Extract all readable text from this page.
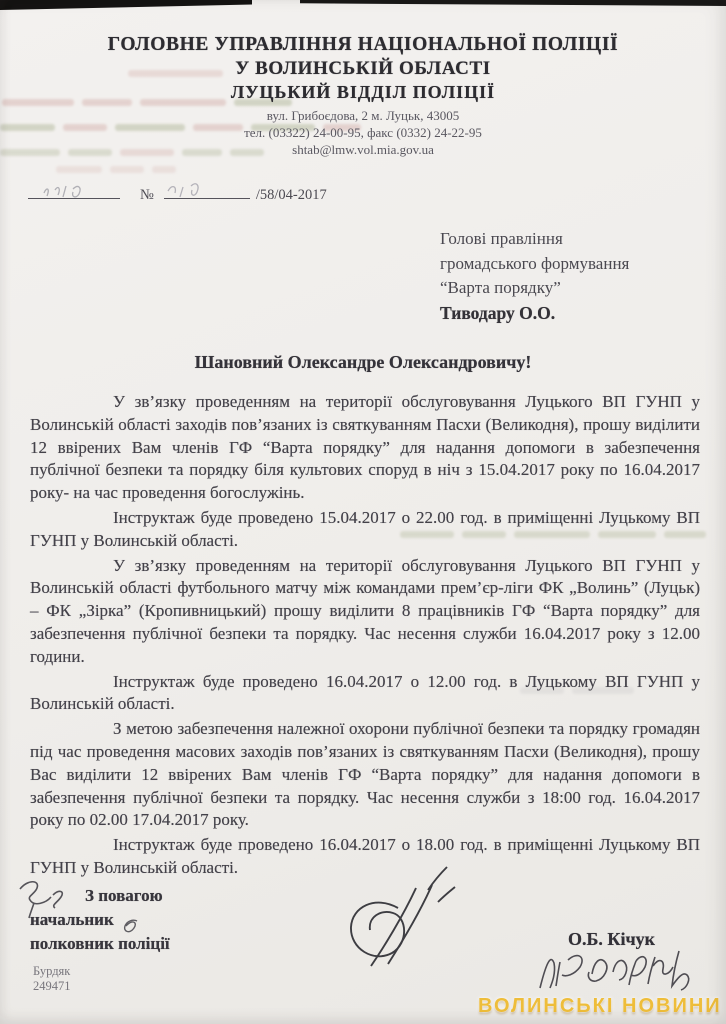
ГОЛОВНЕ УПРАВЛІННЯ НАЦІОНАЛЬНОЇ ПОЛІЦІЇ
У ВОЛИНСЬКІЙ ОБЛАСТІ
ЛУЦЬКИЙ ВІДДІЛ ПОЛІЦІЇ
вул. Грибоєдова, 2 м. Луцьк, 43005
тел. (03322) 24-00-95, факс (0332) 24-22-95
shtab@lmw.vol.mia.gov.ua
№	/58/04-2017
Голові правління
громадського формування
“Варта порядку”
Тиводару О.О.
Шановний Олександре Олександровичу!

У зв’язку проведенням на території обслуговування Луцького ВП ГУНП у Волинській області заходів пов’язаних із святкуванням Пасхи (Великодня), прошу виділити 12 ввірених Вам членів ГФ “Варта порядку” для надання допомоги в забезпечення публічної безпеки та порядку біля культових споруд в ніч з 15.04.2017 року по 16.04.2017 року- на час проведення богослужінь.

Інструктаж буде проведено 15.04.2017 о 22.00 год. в приміщенні Луцькому ВП ГУНП у Волинській області.

У зв’язку проведенням на території обслуговування Луцького ВП ГУНП у Волинській області футбольного матчу між командами прем’єр-ліги ФК „Волинь” (Луцьк) – ФК „Зірка” (Кропивницький) прошу виділити 8 працівників ГФ “Варта порядку” для забезпечення публічної безпеки та порядку. Час несення служби 16.04.2017 року з 12.00 години.

Інструктаж буде проведено 16.04.2017 о 12.00 год. в Луцькому ВП ГУНП у Волинській області.

З метою забезпечення належної охорони публічної безпеки та порядку громадян під час проведення масових заходів пов’язаних із святкуванням Пасхи (Великодня), прошу Вас виділити 12 ввірених Вам членів ГФ “Варта порядку” для надання допомоги в забезпечення публічної безпеки та порядку. Час несення служби з 18:00 год. 16.04.2017 року по 02.00 17.04.2017 року.

Інструктаж буде проведено 16.04.2017 о 18.00 год. в приміщенні Луцькому ВП ГУНП у Волинській області.

З повагою
начальник
полковник поліції	О.Б. Кічук
Бурдяк
249471
ВОЛИНСЬКІ НОВИНИ
